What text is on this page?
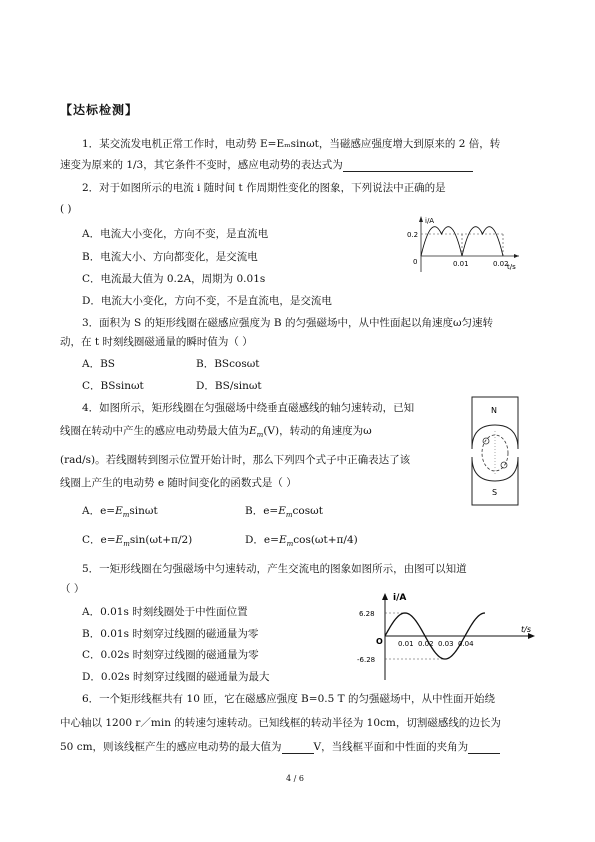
【达标检测】
1．某交流发电机正常工作时，电动势 E=Eₘsinωt，当磁感应强度增大到原来的 2 倍，转
速变为原来的 1/3，其它条件不变时，感应电动势的表达式为
2．对于如图所示的电流 i 随时间 t 作周期性变化的图象，下列说法中正确的是
( )
A．电流大小变化，方向不变，是直流电
B．电流大小、方向都变化，是交流电
C．电流最大值为 0.2A，周期为 0.01s
D．电流大小变化，方向不变，不是直流电，是交流电
i/A
t/s
0.2
0	0.01	0.02
3．面积为 S 的矩形线圈在磁感应强度为 B 的匀强磁场中，从中性面起以角速度ω匀速转
动，在 t 时刻线圈磁通量的瞬时值为（ ）
A．BS	B．BScosωt
C．BSsinωt	D．BS/sinωt
4．如图所示，矩形线圈在匀强磁场中绕垂直磁感线的轴匀速转动，已知
线圈在转动中产生的感应电动势最大值为$E_m(V)$，转动的角速度为ω
(rad/s)。若线圈转到图示位置开始计时，那么下列四个式子中正确表达了该
线圈上产生的电动势 e 随时间变化的函数式是（ ）
A．$e=E_m\sin\omega t$	B．$e=E_m\cos\omega t$
C．$e=E_m\sin(\omega t+\pi/2)$	D．$e=E_m\cos(\omega t+\pi/4)$
N
S
5．一矩形线圈在匀强磁场中匀速转动，产生交流电的图象如图所示，由图可以知道
（ ）
A．0.01s 时刻线圈处于中性面位置
B．0.01s 时刻穿过线圈的磁通量为零
C．0.02s 时刻穿过线圈的磁通量为零
D．0.02s 时刻穿过线圈的磁通量为最大
i/A
t/s
6.28
-6.28
O 0.01 0.02 0.03 0.04
6．一个矩形线框共有 10 匝，它在磁感应强度 B=0.5 T 的匀强磁场中，从中性面开始绕
中心轴以 1200 r／min 的转速匀速转动。已知线框的转动半径为 10cm，切割磁感线的边长为
50 cm，则该线框产生的感应电动势的最大值为	V，当线框平面和中性面的夹角为
4 / 6
